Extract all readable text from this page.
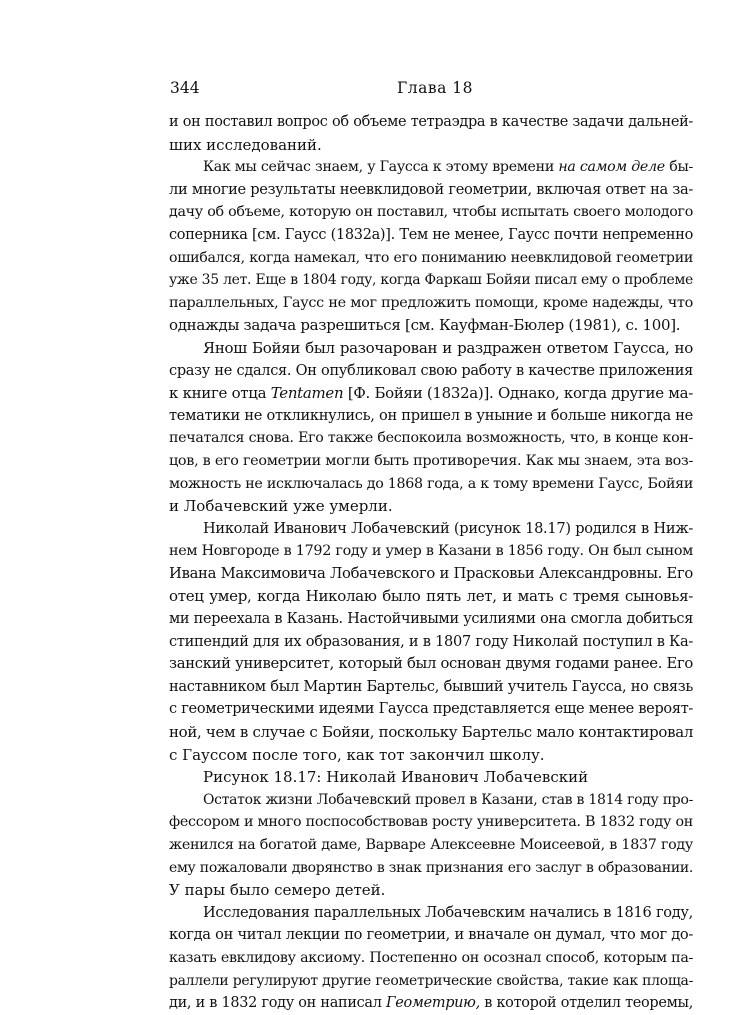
344	Глава 18
и он поставил вопрос об объеме тетраэдра в качестве задачи дальней-
ших исследований.
Как мы сейчас знаем, у Гаусса к этому времени на самом деле бы-
ли многие результаты неевклидовой геометрии, включая ответ на за-
дачу об объеме, которую он поставил, чтобы испытать своего молодого
соперника [см. Гаусс (1832а)]. Тем не менее, Гаусс почти непременно
ошибался, когда намекал, что его пониманию неевклидовой геометрии
уже 35 лет. Еще в 1804 году, когда Фаркаш Бойяи писал ему о проблеме
параллельных, Гаусс не мог предложить помощи, кроме надежды, что
однажды задача разрешиться [см. Кауфман-Бюлер (1981), с. 100].
Янош Бойяи был разочарован и раздражен ответом Гаусса, но
сразу не сдался. Он опубликовал свою работу в качестве приложения
к книге отца Tentamen [Ф. Бойяи (1832а)]. Однако, когда другие ма-
тематики не откликнулись, он пришел в уныние и больше никогда не
печатался снова. Его также беспокоила возможность, что, в конце кон-
цов, в его геометрии могли быть противоречия. Как мы знаем, эта воз-
можность не исключалась до 1868 года, а к тому времени Гаусс, Бойяи
и Лобачевский уже умерли.
Николай Иванович Лобачевский (рисунок 18.17) родился в Ниж-
нем Новгороде в 1792 году и умер в Казани в 1856 году. Он был сыном
Ивана Максимовича Лобачевского и Прасковьи Александровны. Его
отец умер, когда Николаю было пять лет, и мать с тремя сыновья-
ми переехала в Казань. Настойчивыми усилиями она смогла добиться
стипендий для их образования, и в 1807 году Николай поступил в Ка-
занский университет, который был основан двумя годами ранее. Его
наставником был Мартин Бартельс, бывший учитель Гаусса, но связь
с геометрическими идеями Гаусса представляется еще менее вероят-
ной, чем в случае с Бойяи, поскольку Бартельс мало контактировал
с Гауссом после того, как тот закончил школу.
Рисунок 18.17: Николай Иванович Лобачевский
Остаток жизни Лобачевский провел в Казани, став в 1814 году про-
фессором и много поспособствовав росту университета. В 1832 году он
женился на богатой даме, Варваре Алексеевне Моисеевой, в 1837 году
ему пожаловали дворянство в знак признания его заслуг в образовании.
У пары было семеро детей.
Исследования параллельных Лобачевским начались в 1816 году,
когда он читал лекции по геометрии, и вначале он думал, что мог до-
казать евклидову аксиому. Постепенно он осознал способ, которым па-
раллели регулируют другие геометрические свойства, такие как площа-
ди, и в 1832 году он написал Геометрию, в которой отделил теоремы,
